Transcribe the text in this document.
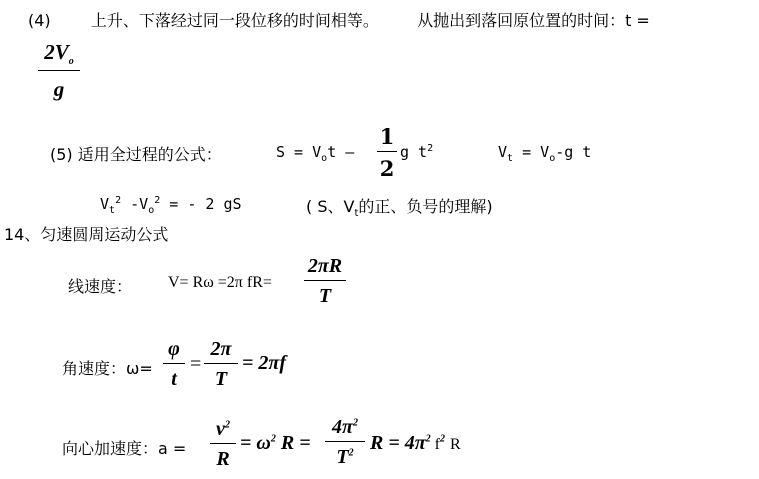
(4)	上升、下落经过同一段位移的时间相等。 从抛出到落回原位置的时间：t =
$2V_o$
g
(5) 适用全过程的公式：	$S = V_ot$ —
1
2
g $t^2$	$V_t = V_o-g$ t
$V_t^2$ $-V_o^2$ = - 2 gS	( S、$V_t$的正、负号的理解)
14、匀速圆周运动公式
线速度： V= Rω =2π fR=
2πR
T
角速度：ω=
φ
t
=
2π
T
= 2πf
向心加速度：a =
$v^2$
R
= $\omega^2$ R =
$4\pi^2$
$T^2$ $R = 4\pi^2$ $f^2$ R
